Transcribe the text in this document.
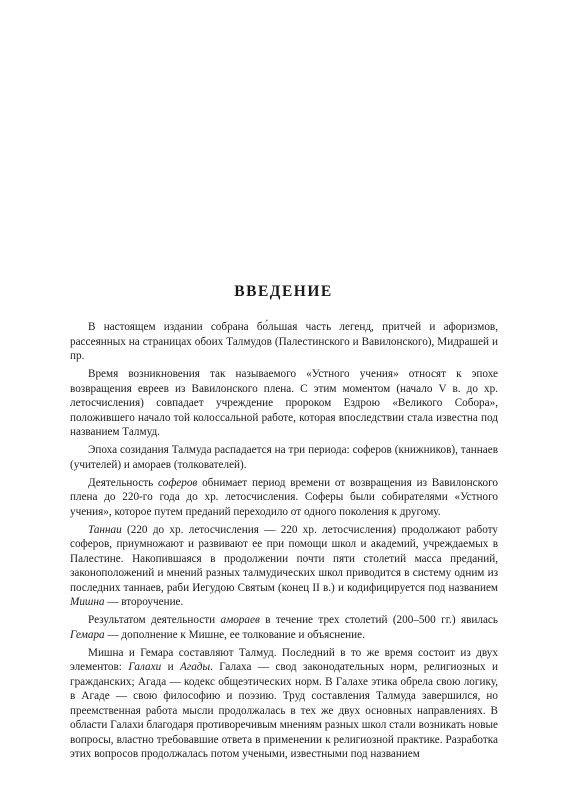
ВВЕДЕНИЕ

В настоящем издании собрана бо́льшая часть легенд, притчей и афоризмов, рассеянных на страницах обоих Талмудов (Палестинского и Вавилонского), Мидрашей и пр.

Время возникновения так называемого «Устного учения» относят к эпохе возвращения евреев из Вавилонского плена. С этим моментом (начало V в. до хр. летосчисления) совпадает учреждение пророком Ездрою «Великого Собора», положившего начало той колоссальной работе, которая впоследствии стала известна под названием Талмуд.

Эпоха созидания Талмуда распадается на три периода: соферов (книжников), таннаев (учителей) и амораев (толкователей).

Деятельность соферов обнимает период времени от возвращения из Вавилонского плена до 220-го года до хр. летосчисления. Соферы были собирателями «Устного учения», которое путем преданий переходило от одного поколения к другому.

Таннаи (220 до хр. летосчисления — 220 хр. летосчисления) продолжают работу соферов, приумножают и развивают ее при помощи школ и академий, учреждаемых в Палестине. Накопившаяся в продолжении почти пяти столетий масса преданий, законоположений и мнений разных талмудических школ приводится в систему одним из последних таннаев, раби Иегудою Святым (конец II в.) и кодифицируется под названием Мишна — второучение.

Результатом деятельности амораев в течение трех столетий (200–500 гг.) явилась Гемара — дополнение к Мишне, ее толкование и объяснение.

Мишна и Гемара составляют Талмуд. Последний в то же время состоит из двух элементов: Галахи и Агады. Галаха — свод законодательных норм, религиозных и гражданских; Агада — кодекс общеэтических норм. В Галахе этика обрела свою логику, в Агаде — свою философию и поэзию. Труд составления Талмуда завершился, но преемственная работа мысли продолжалась в тех же двух основных направлениях. В области Галахи благодаря противоречивым мнениям разных школ стали возникать новые вопросы, властно требовавшие ответа в применении к религиозной практике. Разработка этих вопросов продолжалась потом учеными, известными под названием
